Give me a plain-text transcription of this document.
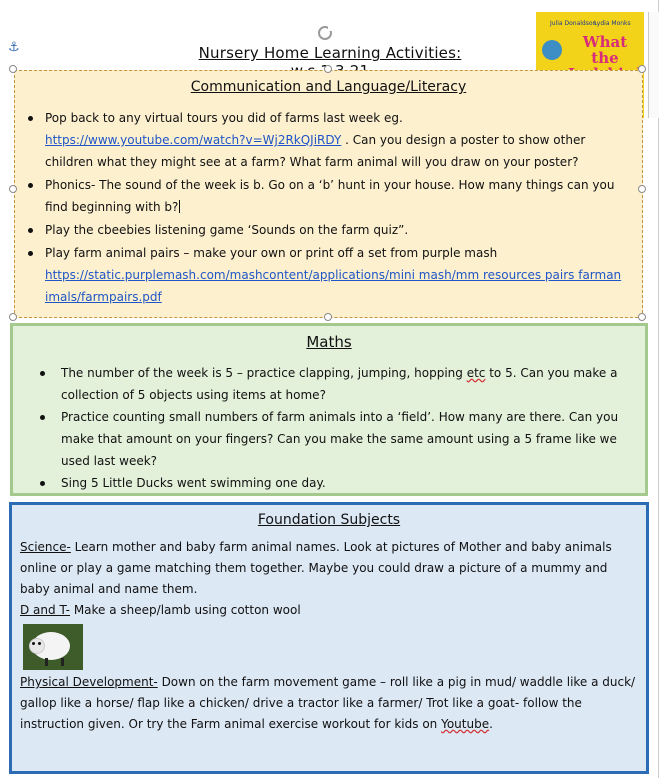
⚓	Nursery Home Learning Activities:
Julia Donaldson
Lydia Monks
What the
Communication and Language/Literacy
Pop back to any virtual tours you did of farms last week eg.
https://www.youtube.com/watch?v=Wj2RkQJiRDY . Can you design a poster to show other children what they might see at a farm? What farm animal will you draw on your poster?
Phonics- The sound of the week is b. Go on a ‘b’ hunt in your house. How many things can you find beginning with b?
Play the cbeebies listening game ‘Sounds on the farm quiz”.
Play farm animal pairs – make your own or print off a set from purple mash
https://static.purplemash.com/mashcontent/applications/mini mash/mm resources pairs farmanimals/farmpairs.pdf
Maths
The number of the week is 5 – practice clapping, jumping, hopping etc to 5. Can you make a collection of 5 objects using items at home?
Practice counting small numbers of farm animals into a ‘field’. How many are there. Can you make that amount on your fingers? Can you make the same amount using a 5 frame like we used last week?
Sing 5 Little Ducks went swimming one day.
Foundation Subjects
Science- Learn mother and baby farm animal names. Look at pictures of Mother and baby animals online or play a game matching them together. Maybe you could draw a picture of a mummy and baby animal and name them.
D and T- Make a sheep/lamb using cotton wool
Physical Development- Down on the farm movement game – roll like a pig in mud/ waddle like a duck/ gallop like a horse/ flap like a chicken/ drive a tractor like a farmer/ Trot like a goat- follow the instruction given. Or try the Farm animal exercise workout for kids on Youtube.
